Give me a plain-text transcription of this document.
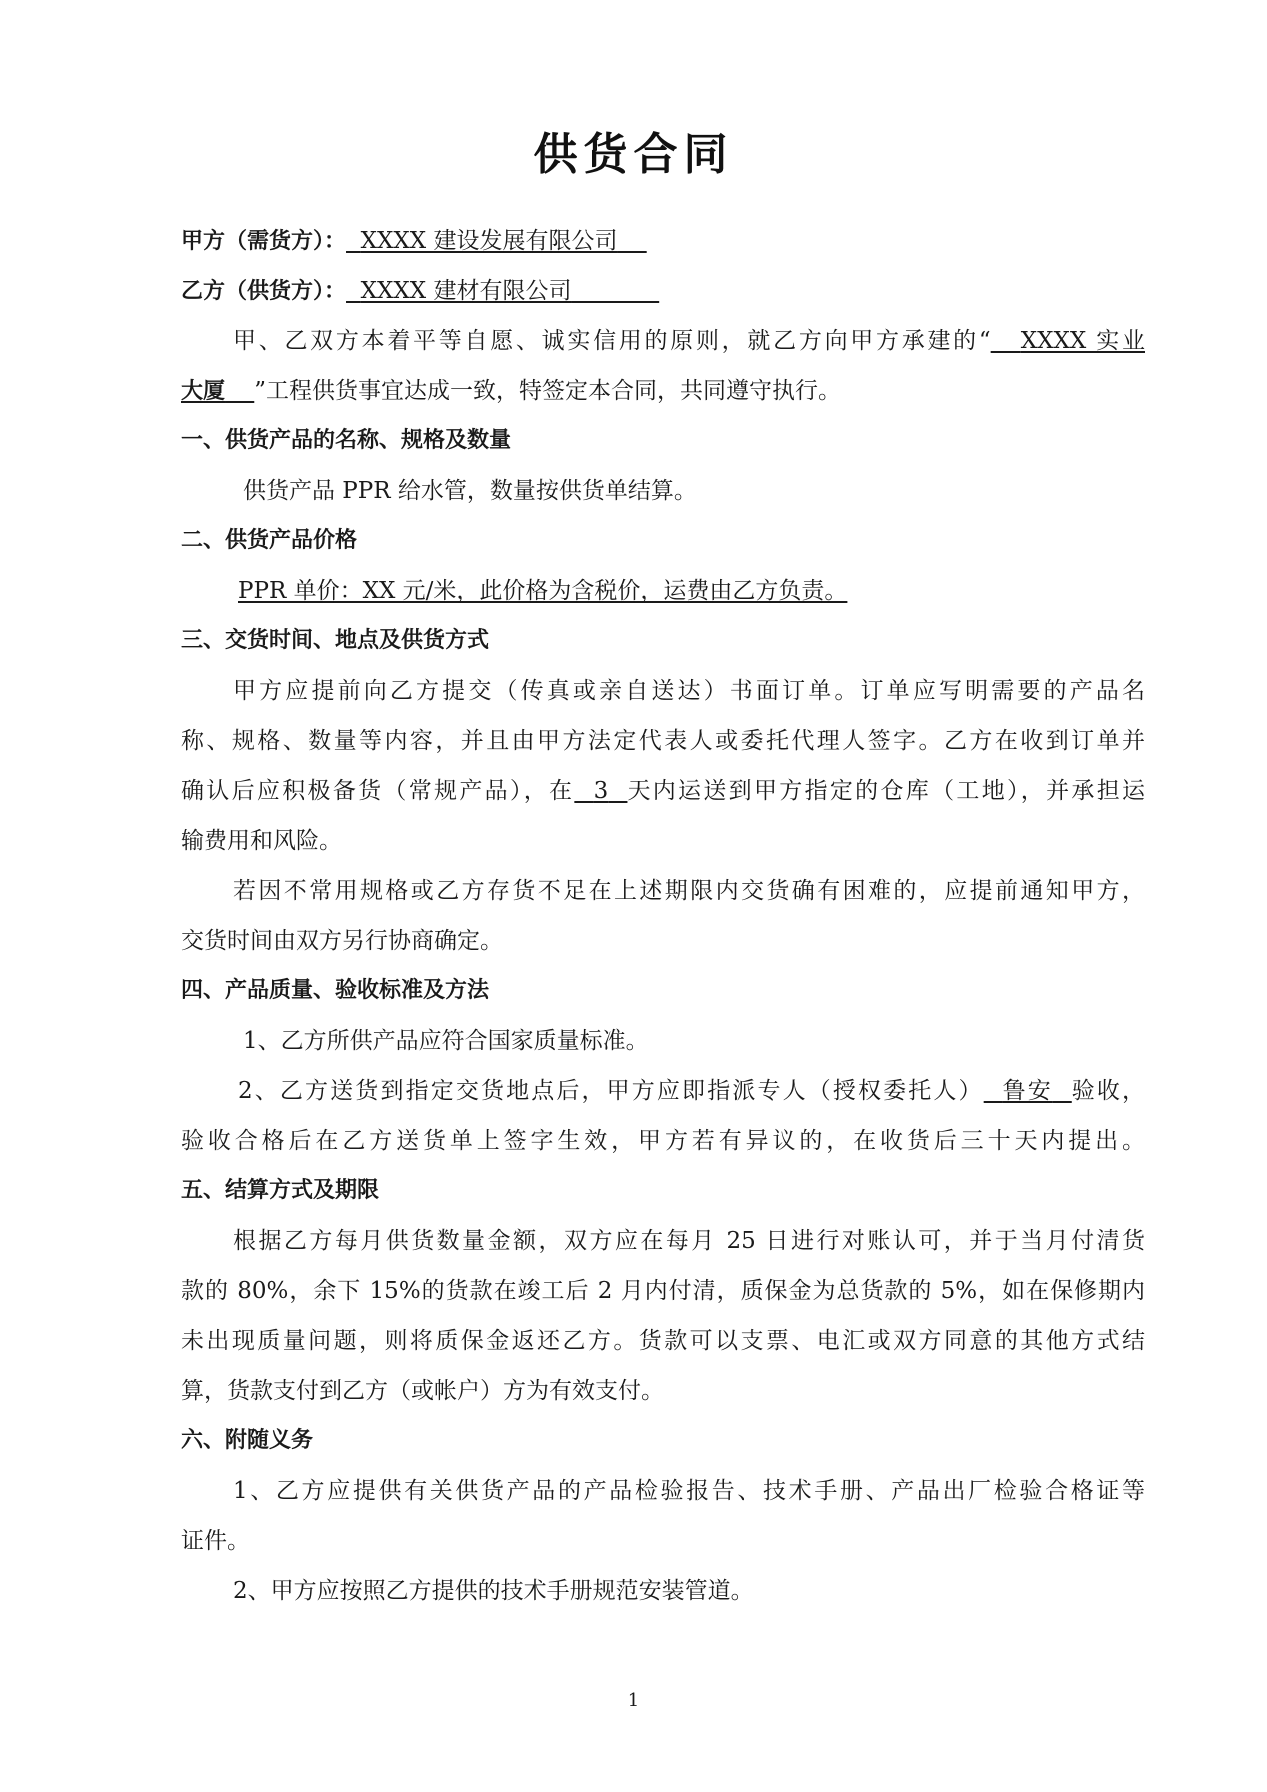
供货合同
甲方（需货方）： XXXX 建设发展有限公司
乙方（供货方）： XXXX 建材有限公司
甲、乙双方本着平等自愿、诚实信用的原则，就乙方向甲方承建的“ XXXX 实业
大厦 ”工程供货事宜达成一致，特签定本合同，共同遵守执行。
一、供货产品的名称、规格及数量
供货产品 PPR 给水管，数量按供货单结算。
二、供货产品价格
PPR 单价：XX 元/米，此价格为含税价，运费由乙方负责。
三、交货时间、地点及供货方式
甲方应提前向乙方提交（传真或亲自送达）书面订单。订单应写明需要的产品名
称、规格、数量等内容，并且由甲方法定代表人或委托代理人签字。乙方在收到订单并
确认后应积极备货（常规产品），在 3 天内运送到甲方指定的仓库（工地），并承担运
输费用和风险。
若因不常用规格或乙方存货不足在上述期限内交货确有困难的，应提前通知甲方，
交货时间由双方另行协商确定。
四、产品质量、验收标准及方法
1、乙方所供产品应符合国家质量标准。
2、乙方送货到指定交货地点后，甲方应即指派专人（授权委托人） 鲁安 验收，
验收合格后在乙方送货单上签字生效，甲方若有异议的，在收货后三十天内提出。
五、结算方式及期限
根据乙方每月供货数量金额，双方应在每月 25 日进行对账认可，并于当月付清货
款的 80%，余下 15%的货款在竣工后 2 月内付清，质保金为总货款的 5%，如在保修期内
未出现质量问题，则将质保金返还乙方。货款可以支票、电汇或双方同意的其他方式结
算，货款支付到乙方（或帐户）方为有效支付。
六、附随义务
1、乙方应提供有关供货产品的产品检验报告、技术手册、产品出厂检验合格证等
证件。
2、甲方应按照乙方提供的技术手册规范安装管道。
1
